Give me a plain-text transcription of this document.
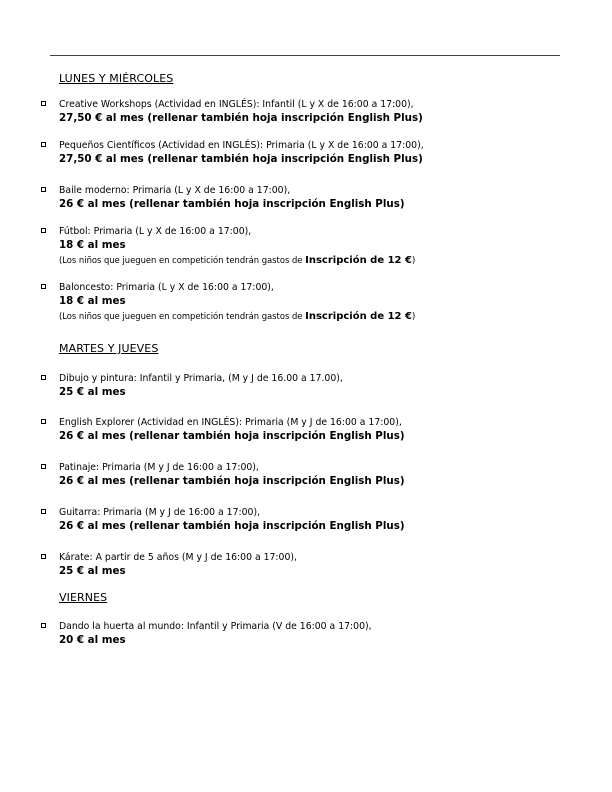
LUNES Y MIÉRCOLES
Creative Workshops (Actividad en INGLÉS): Infantil (L y X de 16:00 a 17:00),
27,50 € al mes (rellenar también hoja inscripción English Plus)
Pequeños Científicos (Actividad en INGLÉS): Primaria (L y X de 16:00 a 17:00),
27,50 € al mes (rellenar también hoja inscripción English Plus)
Baile moderno: Primaria (L y X de 16:00 a 17:00),
26 € al mes (rellenar también hoja inscripción English Plus)
Fútbol: Primaria (L y X de 16:00 a 17:00),
18 € al mes
(Los niños que jueguen en competición tendrán gastos de Inscripción de 12 €)
Baloncesto: Primaria (L y X de 16:00 a 17:00),
18 € al mes
(Los niños que jueguen en competición tendrán gastos de Inscripción de 12 €)
MARTES Y JUEVES
Dibujo y pintura: Infantil y Primaria, (M y J de 16.00 a 17.00),
25 € al mes
English Explorer (Actividad en INGLÉS): Primaria (M y J de 16:00 a 17:00),
26 € al mes (rellenar también hoja inscripción English Plus)
Patinaje: Primaria (M y J de 16:00 a 17:00),
26 € al mes (rellenar también hoja inscripción English Plus)
Guitarra: Primaria (M y J de 16:00 a 17:00),
26 € al mes (rellenar también hoja inscripción English Plus)
Kárate: A partir de 5 años (M y J de 16:00 a 17:00),
25 € al mes
VIERNES
Dando la huerta al mundo: Infantil y Primaria (V de 16:00 a 17:00),
20 € al mes
